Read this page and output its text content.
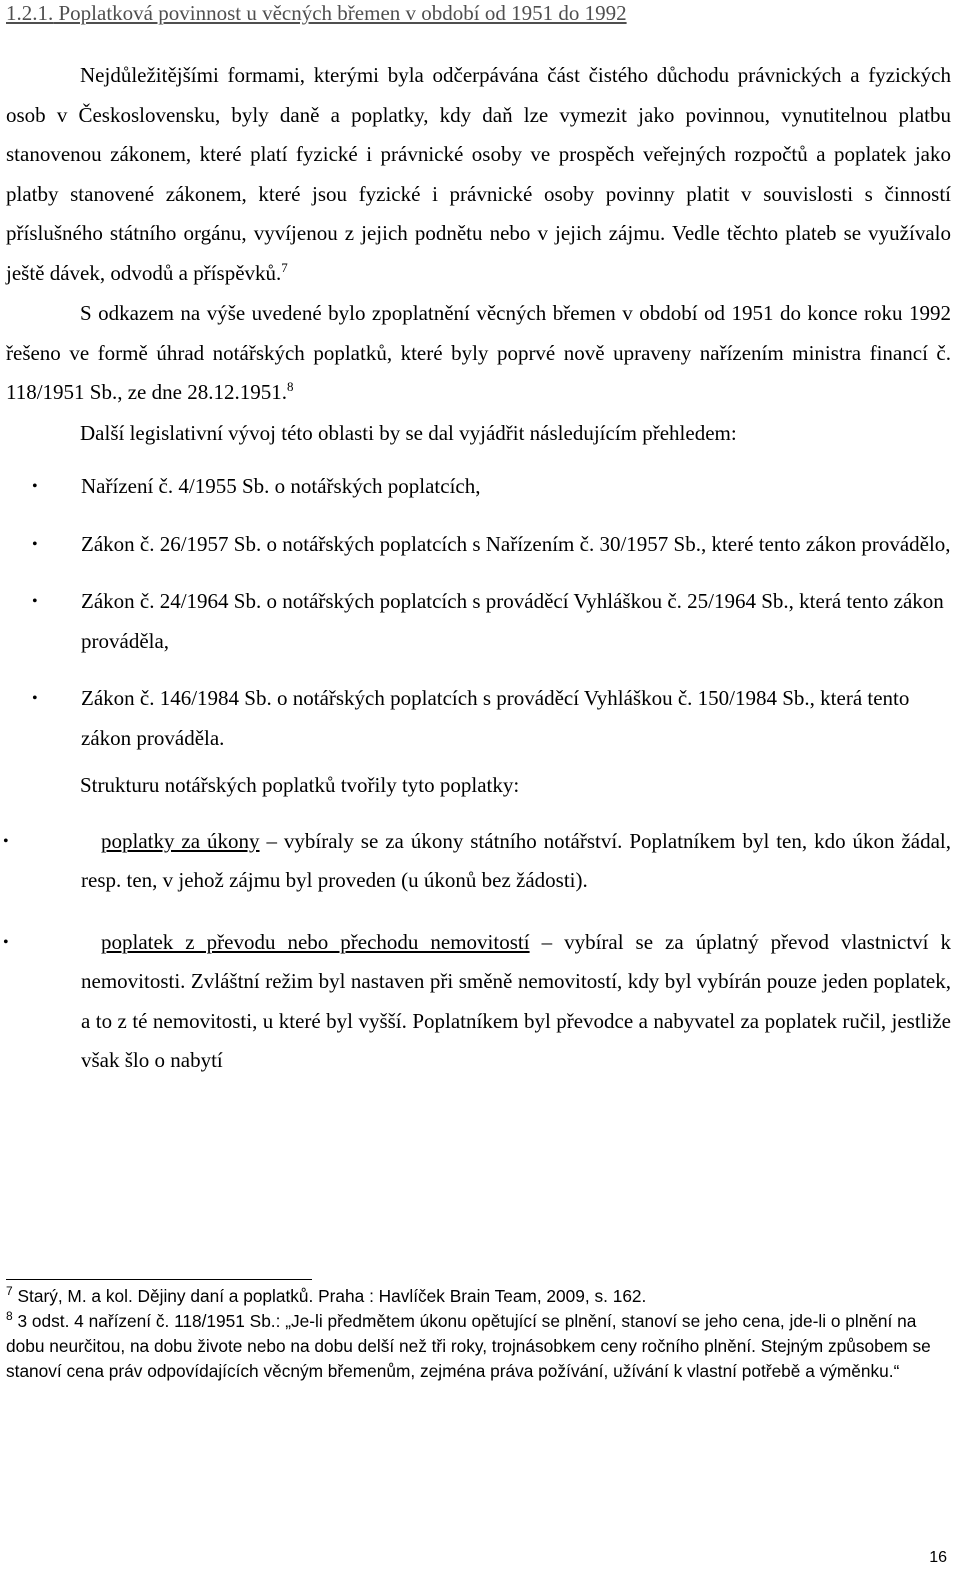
1.2.1. Poplatková povinnost u věcných břemen v období od 1951 do 1992

Nejdůležitějšími formami, kterými byla odčerpávána část čistého důchodu právnických a fyzických osob v Československu, byly daně a poplatky, kdy daň lze vymezit jako povinnou, vynutitelnou platbu stanovenou zákonem, které platí fyzické i právnické osoby ve prospěch veřejných rozpočtů a poplatek jako platby stanovené zákonem, které jsou fyzické i právnické osoby povinny platit v souvislosti s činností příslušného státního orgánu, vyvíjenou z jejich podnětu nebo v jejich zájmu. Vedle těchto plateb se využívalo ještě dávek, odvodů a příspěvků.$^7$

S odkazem na výše uvedené bylo zpoplatnění věcných břemen v období od 1951 do konce roku 1992 řešeno ve formě úhrad notářských poplatků, které byly poprvé nově upraveny nařízením ministra financí č. 118/1951 Sb., ze dne 28.12.1951.$^8$

Další legislativní vývoj této oblasti by se dal vyjádřit následujícím přehledem:

• Nařízení č. 4/1955 Sb. o notářských poplatcích,
• Zákon č. 26/1957 Sb. o notářských poplatcích s Nařízením č. 30/1957 Sb., které tento zákon provádělo,
• Zákon č. 24/1964 Sb. o notářských poplatcích s prováděcí Vyhláškou č. 25/1964 Sb., která tento zákon prováděla,
• Zákon č. 146/1984 Sb. o notářských poplatcích s prováděcí Vyhláškou č. 150/1984 Sb., která tento zákon prováděla.

Strukturu notářských poplatků tvořily tyto poplatky:

•	poplatky za úkony – vybíraly se za úkony státního notářství. Poplatníkem byl ten, kdo úkon žádal, resp. ten, v jehož zájmu byl proveden (u úkonů bez žádosti).
•	poplatek z převodu nebo přechodu nemovitostí – vybíral se za úplatný převod vlastnictví k nemovitosti. Zvláštní režim byl nastaven při směně nemovitostí, kdy byl vybírán pouze jeden poplatek, a to z té nemovitosti, u které byl vyšší. Poplatníkem byl převodce a nabyvatel za poplatek ručil, jestliže však šlo o nabytí

$^7$ Starý, M. a kol. Dějiny daní a poplatků. Praha : Havlíček Brain Team, 2009, s. 162.

$^8$ 3 odst. 4 nařízení č. 118/1951 Sb.: „Je-li předmětem úkonu opětující se plnění, stanoví se jeho cena, jde-li o plnění na dobu neurčitou, na dobu živote nebo na dobu delší než tři roky, trojnásobkem ceny ročního plnění. Stejným způsobem se stanoví cena práv odpovídajících věcným břemenům, zejména práva požívání, užívání k vlastní potřebě a výměnku.“

16
